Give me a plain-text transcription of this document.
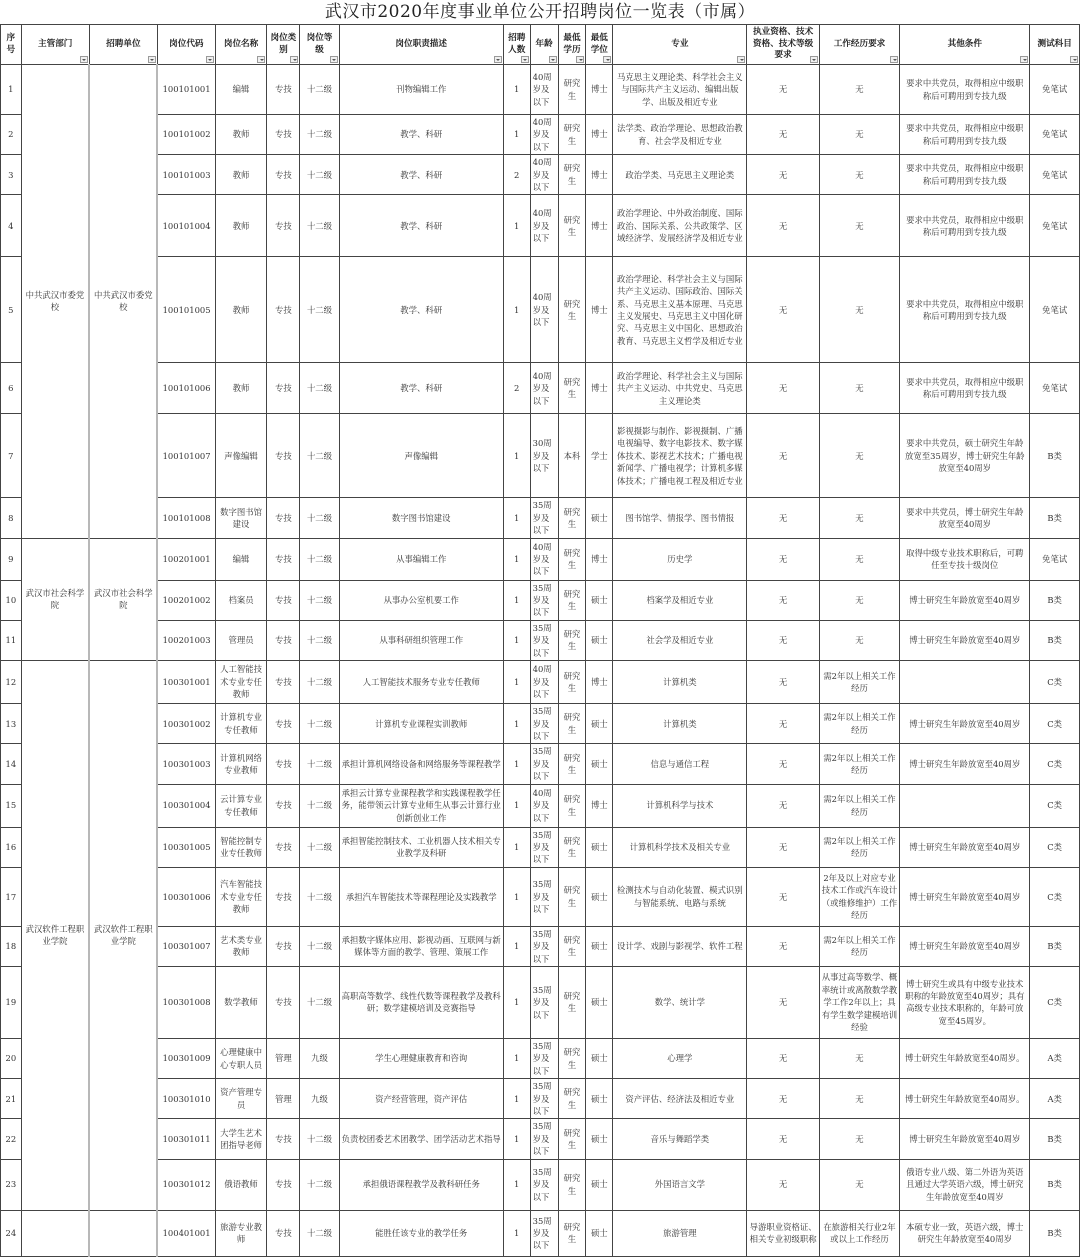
武汉市2020年度事业单位公开招聘岗位一览表（市属）
序号	主管部门	招聘单位	岗位代码	岗位名称	岗位类别	岗位等级	岗位职责描述	招聘人数	年龄	最低学历	最低学位	专业	执业资格、技术资格、技术等级要求	工作经历要求	其他条件	测试科目

1	中共武汉市委党校	中共武汉市委党校	100101001	编辑	专技	十二级	刊物编辑工作	1	40周岁及以下	研究生	博士	马克思主义理论类、科学社会主义与国际共产主义运动、编辑出版学、出版及相近专业	无	无	要求中共党员，取得相应中级职称后可聘用到专技九级	免笔试
2			100101002	教师	专技	十二级	教学、科研	1	40周岁及以下	研究生	博士	法学类、政治学理论、思想政治教育、社会学及相近专业	无	无	要求中共党员，取得相应中级职称后可聘用到专技九级	免笔试
3			100101003	教师	专技	十二级	教学、科研	2	40周岁及以下	研究生	博士	政治学类、马克思主义理论类	无	无	要求中共党员，取得相应中级职称后可聘用到专技九级	免笔试
4			100101004	教师	专技	十二级	教学、科研	1	40周岁及以下	研究生	博士	政治学理论、中外政治制度、国际政治、国际关系、公共政策学、区域经济学、发展经济学及相近专业	无	无	要求中共党员，取得相应中级职称后可聘用到专技九级	免笔试
5			100101005	教师	专技	十二级	教学、科研	1	40周岁及以下	研究生	博士	政治学理论、科学社会主义与国际共产主义运动、国际政治、国际关系、马克思主义基本原理、马克思主义发展史、马克思主义中国化研究、马克思主义中国化、思想政治教育、马克思主义哲学及相近专业	无	无	要求中共党员，取得相应中级职称后可聘用到专技九级	免笔试
6			100101006	教师	专技	十二级	教学、科研	2	40周岁及以下	研究生	博士	政治学理论、科学社会主义与国际共产主义运动、中共党史、马克思主义理论类	无	无	要求中共党员，取得相应中级职称后可聘用到专技九级	免笔试
7			100101007	声像编辑	专技	十二级	声像编辑	1	30周岁及以下	本科	学士	影视摄影与制作、影视摄制、广播电视编导、数字电影技术、数字媒体技术、影视艺术技术；广播电视新闻学、广播电视学；计算机多媒体技术；广播电视工程及相近专业	无	无	要求中共党员，硕士研究生年龄放宽至35周岁，博士研究生年龄放宽至40周岁	B类
8			100101008	数字图书馆建设	专技	十二级	数字图书馆建设	1	35周岁及以下	研究生	硕士	图书馆学、情报学、图书情报	无	无	要求中共党员，博士研究生年龄放宽至40周岁	B类
9	武汉市社会科学院	武汉市社会科学院	100201001	编辑	专技	十二级	从事编辑工作	1	40周岁及以下	研究生	博士	历史学	无	无	取得中级专业技术职称后，可聘任至专技十级岗位	免笔试
10			100201002	档案员	专技	十二级	从事办公室机要工作	1	35周岁及以下	研究生	硕士	档案学及相近专业	无	无	博士研究生年龄放宽至40周岁	B类
11			100201003	管理员	专技	十二级	从事科研组织管理工作	1	35周岁及以下	研究生	硕士	社会学及相近专业	无	无	博士研究生年龄放宽至40周岁	B类
12	武汉软件工程职业学院	武汉软件工程职业学院	100301001	人工智能技术专业专任教师	专技	十二级	人工智能技术服务专业专任教师	1	40周岁及以下	研究生	博士	计算机类	无	需2年以上相关工作经历		C类
13			100301002	计算机专业专任教师	专技	十二级	计算机专业课程实训教师	1	35周岁及以下	研究生	硕士	计算机类	无	需2年以上相关工作经历	博士研究生年龄放宽至40周岁	C类
14			100301003	计算机网络专业教师	专技	十二级	承担计算机网络设备和网络服务等课程教学	1	35周岁及以下	研究生	硕士	信息与通信工程	无	需2年以上相关工作经历	博士研究生年龄放宽至40周岁	C类
15			100301004	云计算专业专任教师	专技	十二级	承担云计算专业课程教学和实践课程教学任务，能带领云计算专业师生从事云计算行业创新创业工作	1	40周岁及以下	研究生	博士	计算机科学与技术	无	需2年以上相关工作经历		C类
16			100301005	智能控制专业专任教师	专技	十二级	承担智能控制技术、工业机器人技术相关专业教学及科研	1	35周岁及以下	研究生	硕士	计算机科学技术及相关专业	无	需2年以上相关工作经历	博士研究生年龄放宽至40周岁	C类
17			100301006	汽车智能技术专业专任教师	专技	十二级	承担汽车智能技术等课程理论及实践教学	1	35周岁及以下	研究生	硕士	检测技术与自动化装置、模式识别与智能系统、电路与系统	无	2年及以上对应专业技术工作或汽车设计（或维修维护）工作经历	博士研究生年龄放宽至40周岁	C类
18			100301007	艺术类专业教师	专技	十二级	承担数字媒体应用、影视动画、互联网与新媒体等方面的教学、管理、策展工作	1	35周岁及以下	研究生	硕士	设计学、戏剧与影视学、软件工程	无	需2年以上相关工作经历	博士研究生年龄放宽至40周岁	B类
19			100301008	数学教师	专技	十二级	高职高等数学、线性代数等课程教学及教科研；数学建模培训及竞赛指导	1	35周岁及以下	研究生	硕士	数学、统计学	无	从事过高等数学、概率统计或离散数学教学工作2年以上；具有学生数学建模培训经验	博士研究生或具有中级专业技术职称的年龄放宽至40周岁；具有高级专业技术职称的，年龄可放宽至45周岁。	C类
20			100301009	心理健康中心专职人员	管理	九级	学生心理健康教育和咨询	1	35周岁及以下	研究生	硕士	心理学	无	无	博士研究生年龄放宽至40周岁。	A类
21			100301010	资产管理专员	管理	九级	资产经营管理，资产评估	1	35周岁及以下	研究生	硕士	资产评估、经济法及相近专业	无	无	博士研究生年龄放宽至40周岁。	A类
22			100301011	大学生艺术团指导老师	专技	十二级	负责校团委艺术团教学、团学活动艺术指导	1	35周岁及以下	研究生	硕士	音乐与舞蹈学类	无	无	博士研究生年龄放宽至40周岁	B类
23			100301012	俄语教师	专技	十二级	承担俄语课程教学及教科研任务	1	35周岁及以下	研究生	硕士	外国语言文学	无	无	俄语专业八级、第二外语为英语且通过大学英语六级，博士研究生年龄放宽至40周岁	B类
24			100401001	旅游专业教师	专技	十二级	能胜任该专业的教学任务	1	35周岁及以下	研究生	硕士	旅游管理	导游职业资格证、相关专业初级职称	在旅游相关行业2年或以上工作经历	本硕专业一致，英语六级，博士研究生年龄放宽至40周岁	B类
